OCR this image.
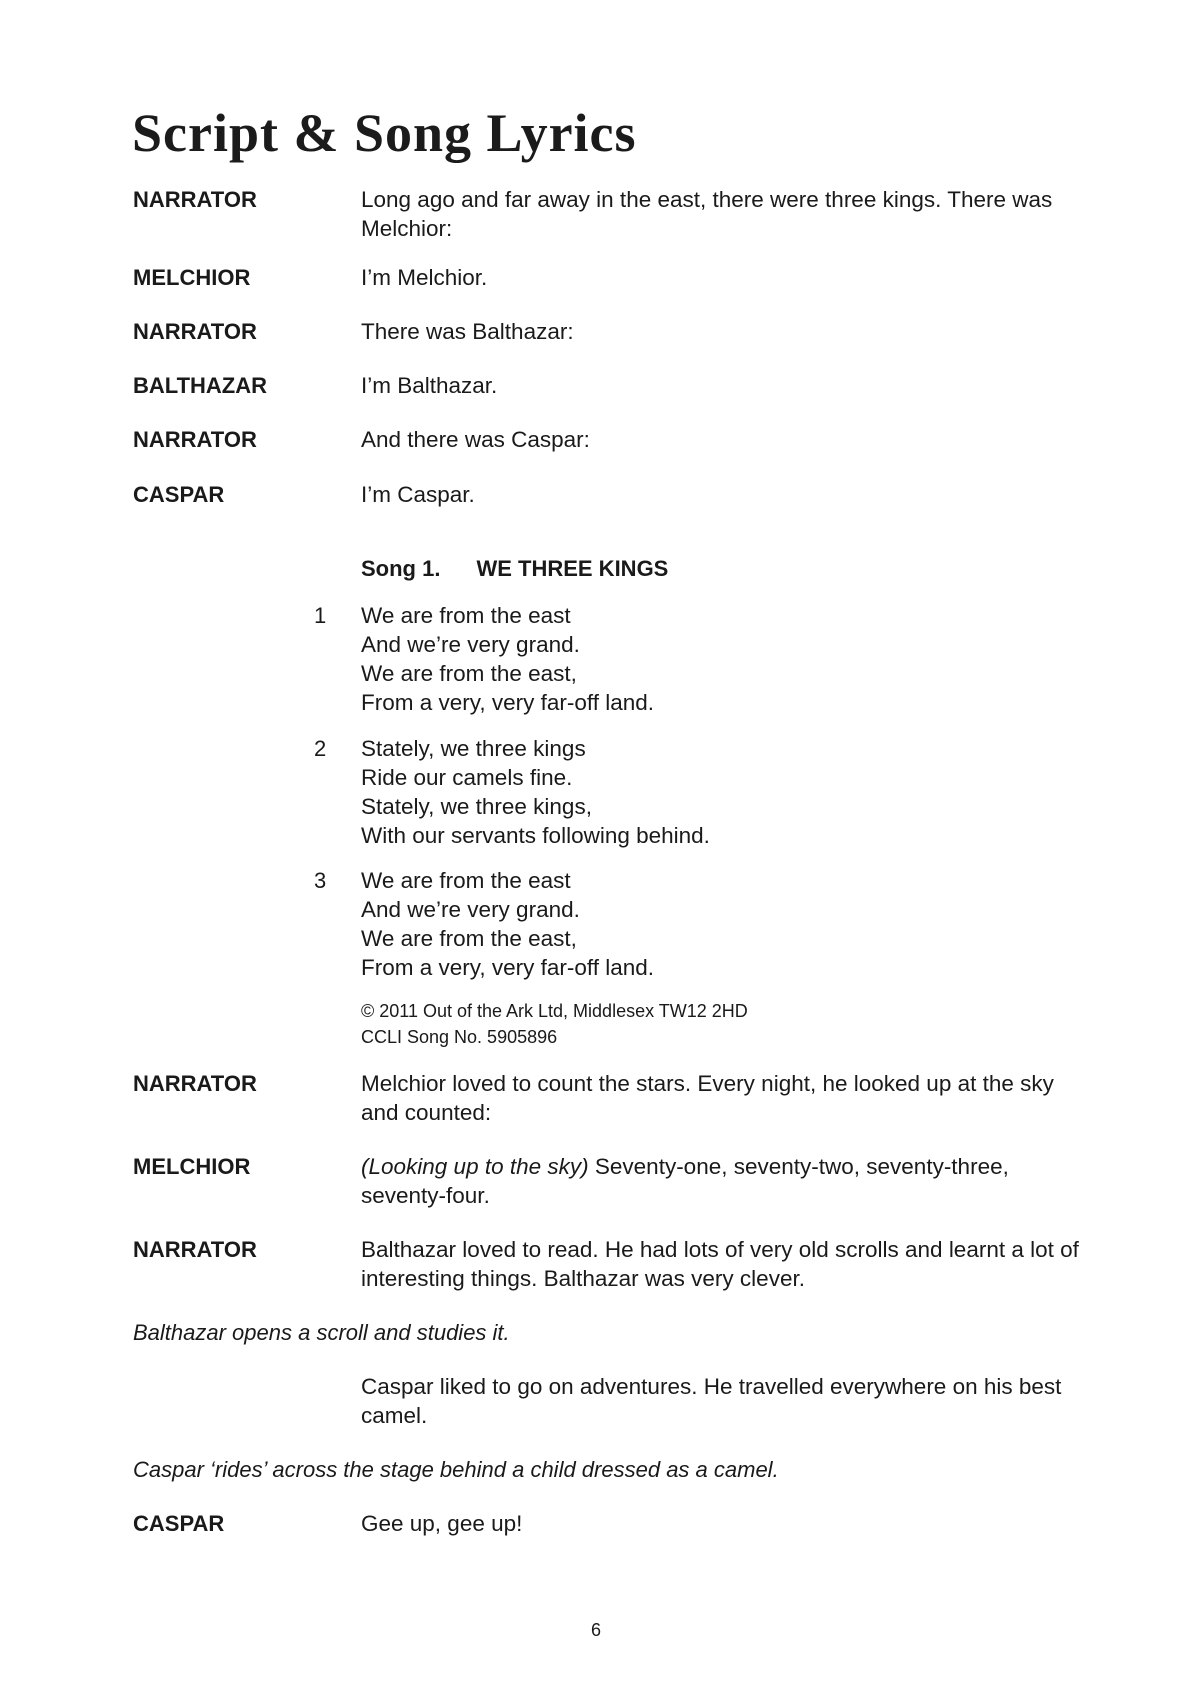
Script & Song Lyrics
NARRATOR	Long ago and far away in the east, there were three kings. There was Melchior:
MELCHIOR	I’m Melchior.
NARRATOR	There was Balthazar:
BALTHAZAR	I’m Balthazar.
NARRATOR	And there was Caspar:
CASPAR	I’m Caspar.
Song 1. WE THREE KINGS
1 We are from the east
And we’re very grand.
We are from the east,
From a very, very far-off land.
2 Stately, we three kings
Ride our camels fine.
Stately, we three kings,
With our servants following behind.
3 We are from the east
And we’re very grand.
We are from the east,
From a very, very far-off land.
© 2011 Out of the Ark Ltd, Middlesex TW12 2HD
CCLI Song No. 5905896
NARRATOR	Melchior loved to count the stars. Every night, he looked up at the sky and counted:
MELCHIOR	(Looking up to the sky) Seventy-one, seventy-two, seventy-three, seventy-four.
NARRATOR	Balthazar loved to read. He had lots of very old scrolls and learnt a lot of interesting things. Balthazar was very clever.
Balthazar opens a scroll and studies it.
Caspar liked to go on adventures. He travelled everywhere on his best camel.
Caspar ‘rides’ across the stage behind a child dressed as a camel.
CASPAR	Gee up, gee up!
6
